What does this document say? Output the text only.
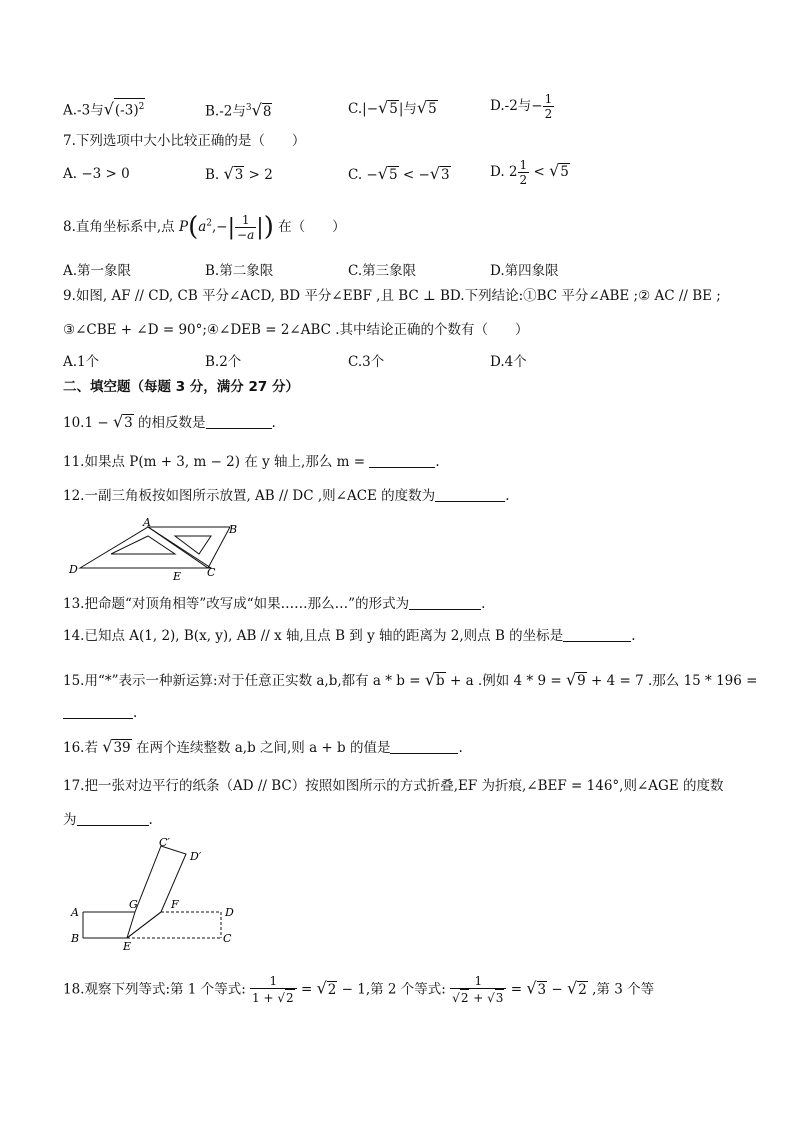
A.-3与$√(-3)^2$	B.-2与$^3$√8	C.|−√5|与√5	D.-2与− $\frac{1}{2}$
7.下列选项中大小比较正确的是（　　）
A. −3 > 0	B. √3 > 2	C. −√5 < −√3	D. $2 \frac{1}{2} < √5$
8.直角坐标系中,点 $P(a^2,-| \frac{1}{-a}$ |) 在（　　）
A.第一象限	B.第二象限	C.第三象限	D.第四象限
9.如图, AF // CD, CB 平分∠ACD, BD 平分∠EBF ,且 BC ⊥ BD.下列结论:①BC 平分∠ABE ;② AC // BE ;
③∠CBE + ∠D = 90°;④∠DEB = 2∠ABC .其中结论正确的个数有（　　）
A.1个	B.2个	C.3个	D.4个
二、填空题（每题 3 分，满分 27 分）
10.1 − √3 的相反数是	.
11.如果点 P(m + 3, m − 2) 在 y 轴上,那么 m =	.
12.一副三角板按如图所示放置, AB // DC ,则∠ACE 的度数为	.
A
B
D
E C
13.把命题“对顶角相等”改写成“如果……那么…”的形式为	.
14.已知点 A(1, 2), B(x, y), AB // x 轴,且点 B 到 y 轴的距离为 2,则点 B 的坐标是	.
15.用“*”表示一种新运算:对于任意正实数 a,b,都有 a * b = √b + a .例如 4 * 9 = √9 + 4 = 7 .那么 15 * 196 =
.
16.若 √39 在两个连续整数 a,b 之间,则 a + b 的值是	.
17.把一张对边平行的纸条（AD // BC）按照如图所示的方式折叠,EF 为折痕,∠BEF = 146°,则∠AGE 的度数
为	.
C′
D′
G	F
A	D
B
E
C
18.观察下列等式:第 1 个等式: $\frac{1}{1 + √2} = √2 - 1$,第 2 个等式: $\frac{1}{√2 + √3} = √3 - √2$ ,第 3 个等
